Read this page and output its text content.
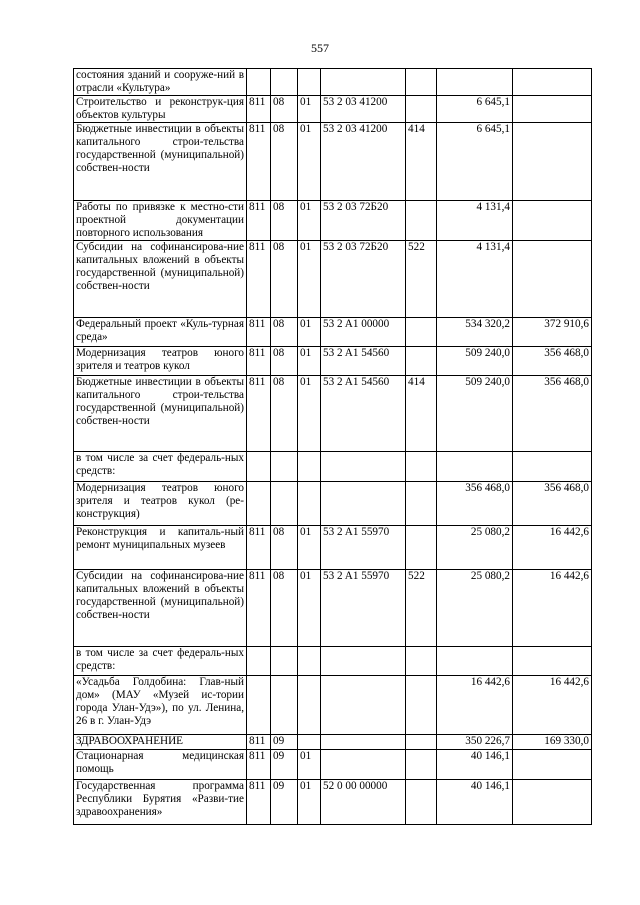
557
состояния зданий и сооруже-ний в отрасли «Культура»							
Строительство и реконструк-ция объектов культуры	811	08	01	53 2 03 41200		6 645,1	
Бюджетные инвестиции в объекты капитального строи-тельства государственной (муниципальной) собствен-ности	811	08	01	53 2 03 41200	414	6 645,1	
Работы по привязке к местно-сти проектной документации повторного использования	811	08	01	53 2 03 72Б20		4 131,4	
Субсидии на софинансирова-ние капитальных вложений в объекты государственной (муниципальной) собствен-ности	811	08	01	53 2 03 72Б20	522	4 131,4	
Федеральный проект «Куль-турная среда»	811	08	01	53 2 A1 00000		534 320,2	372 910,6
Модернизация театров юного зрителя и театров кукол	811	08	01	53 2 A1 54560		509 240,0	356 468,0
Бюджетные инвестиции в объекты капитального строи-тельства государственной (муниципальной) собствен-ности	811	08	01	53 2 A1 54560	414	509 240,0	356 468,0
в том числе за счет федераль-ных средств:							
Модернизация театров юного зрителя и театров кукол (ре-конструкция)						356 468,0	356 468,0
Реконструкция и капиталь-ный ремонт муниципальных музеев	811	08	01	53 2 A1 55970		25 080,2	16 442,6
Субсидии на софинансирова-ние капитальных вложений в объекты государственной (муниципальной) собствен-ности	811	08	01	53 2 A1 55970	522	25 080,2	16 442,6
в том числе за счет федераль-ных средств:							
«Усадьба Голдобина: Глав-ный дом» (МАУ «Музей ис-тории города Улан-Удэ»), по ул. Ленина, 26 в г. Улан-Удэ						16 442,6	16 442,6
ЗДРАВООХРАНЕНИЕ	811	09				350 226,7	169 330,0
Стационарная медицинская помощь	811	09	01			40 146,1	
Государственная программа Республики Бурятия «Разви-тие здравоохранения»	811	09	01	52 0 00 00000		40 146,1	
